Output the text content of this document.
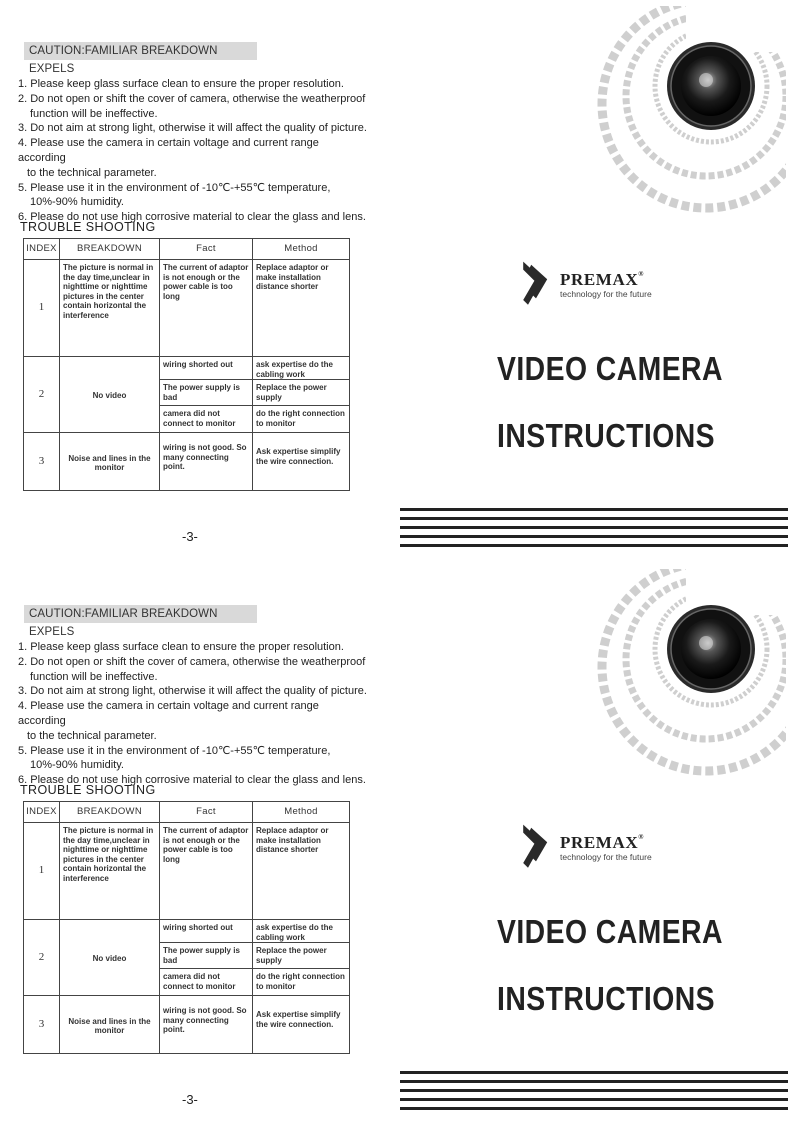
CAUTION:FAMILIAR BREAKDOWN EXPELS
1. Please keep glass surface clean to ensure the proper resolution.
2. Do not open or shift the cover of camera, otherwise the weatherproof
function will be ineffective.
3. Do not aim at strong light, otherwise it will affect the quality of picture.
4. Please use the camera in certain voltage and current range according
to the technical parameter.
5. Please use it in the environment of -10℃-+55℃ temperature,
10%-90% humidity.
6. Please do not use high corrosive material to clear the glass and lens.
TROUBLE SHOOTING
INDEX	BREAKDOWN	Fact	Method
1	The picture is normal in the day time,unclear in nighttime or nighttime pictures in the center contain horizontal the interference	The current of adaptor is not enough or the power cable is too long	Replace adaptor or make installation distance shorter
2	No video	wiring shorted out	ask expertise do the cabling work
		The power supply is bad	Replace the power supply
		camera did not connect to monitor	do the right connection to monitor
3	Noise and lines in the monitor	wiring is not good. So many connecting point.	Ask expertise simplify the wire connection.
-3-
PREMAX®
technology for the future
VIDEO CAMERA
INSTRUCTIONS
CAUTION:FAMILIAR BREAKDOWN EXPELS
1. Please keep glass surface clean to ensure the proper resolution.
2. Do not open or shift the cover of camera, otherwise the weatherproof
function will be ineffective.
3. Do not aim at strong light, otherwise it will affect the quality of picture.
4. Please use the camera in certain voltage and current range according
to the technical parameter.
5. Please use it in the environment of -10℃-+55℃ temperature,
10%-90% humidity.
6. Please do not use high corrosive material to clear the glass and lens.
TROUBLE SHOOTING
INDEX	BREAKDOWN	Fact	Method
1	The picture is normal in the day time,unclear in nighttime or nighttime pictures in the center contain horizontal the interference	The current of adaptor is not enough or the power cable is too long	Replace adaptor or make installation distance shorter
2	No video	wiring shorted out	ask expertise do the cabling work
		The power supply is bad	Replace the power supply
		camera did not connect to monitor	do the right connection to monitor
3	Noise and lines in the monitor	wiring is not good. So many connecting point.	Ask expertise simplify the wire connection.
-3-
PREMAX®
technology for the future
VIDEO CAMERA
INSTRUCTIONS
